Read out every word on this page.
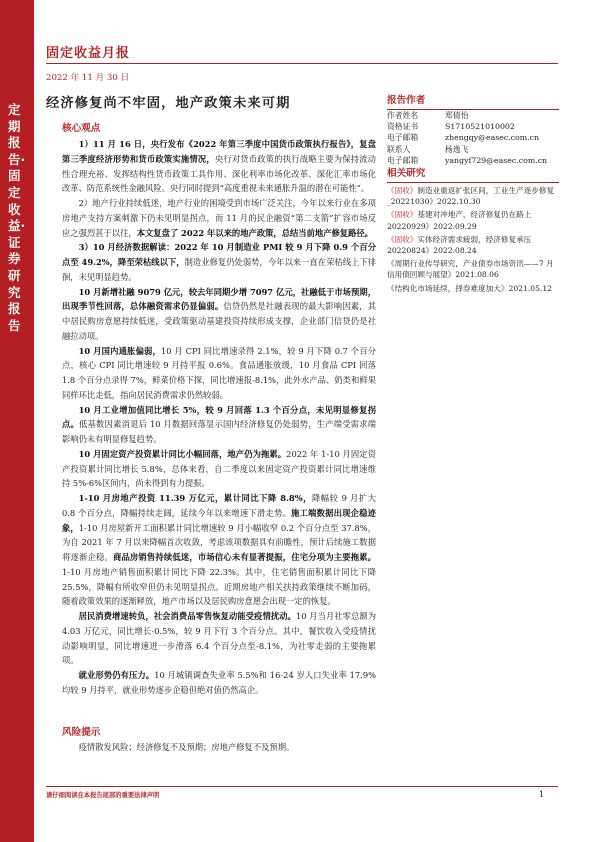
定期报告·固定收益·证券研究报告
固定收益月报
2022 年 11 月 30 日
经济修复尚不牢固，地产政策未来可期
核心观点

1）11 月 16 日，央行发布《2022 年第三季度中国货币政策执行报告》，复盘第三季度经济形势和货币政策实施情况，央行对货币政策的执行战略主要为保持流动性合理充裕、发挥结构性货币政策工具作用、深化利率市场化改革、深化汇率市场化改革、防范系统性金融风险。央行同时提到“高度重视未来通胀升温的潜在可能性”。

2）地产行业持续低迷，地产行业的困境受到市场广泛关注，今年以来行业在多项房地产支持方案刺激下仍未见明显拐点，而 11 月的民企融资“第二支箭”扩容市场反应之强烈甚于以往，本文复盘了 2022 年以来的地产政策，总结当前地产修复路径。

3）10 月经济数据解读：2022 年 10 月制造业 PMI 较 9 月下降 0.9 个百分点至 49.2%，降至荣枯线以下，制造业修复仍处弱势，今年以来一直在荣枯线上下徘徊，未见明显趋势。

10 月新增社融 9079 亿元，较去年同期少增 7097 亿元，社融低于市场预期，出现季节性回落，总体融资需求仍显偏弱。信贷仍然是社融表现的最大影响因素，其中居民购房意愿持续低迷，受政策驱动基建投资持续形成支撑，企业部门信贷仍是社融拉动项。

10 月国内通胀偏弱，10 月 CPI 同比增速录得 2.1%，较 9 月下降 0.7 个百分点，核心 CPI 同比增速较 9 月持平报 0.6%。食品通胀放缓，10 月食品 CPI 回落 1.8 个百分点录得 7%，鲜菜价格下探，同比增速报-8.1%，此外水产品、奶类和鲜果同样环比走低，指向居民消费需求仍然较弱。

10 月工业增加值同比增长 5%，较 9 月回落 1.3 个百分点，未见明显修复拐点。低基数因素消退后 10 月数据回落显示国内经济修复仍处弱势，生产端受需求端影响仍未有明显修复趋势。

10 月固定资产投资累计同比小幅回落，地产仍为拖累。2022 年 1-10 月固定资产投资累计同比增长 5.8%，总体来看，自二季度以来固定资产投资累计同比增速维持 5%-6%区间内，尚未得到有力提振。

1-10 月房地产投资 11.39 万亿元，累计同比下降 8.8%，降幅较 9 月扩大 0.8 个百分点，降幅持续走阔，延续今年以来增速下滑走势。施工端数据出现企稳迹象，1-10 月房屋新开工面积累计同比增速较 9 月小幅收窄 0.2 个百分点至 37.8%，为自 2021 年 7 月以来降幅首次收敛，考虑该项数据具有前瞻性，预计后续施工数据将逐渐企稳。商品房销售持续低迷，市场信心未有显著提振，住宅分项为主要拖累。1-10 月房地产销售面积累计同比下降 22.3%。其中，住宅销售面积累计同比下降 25.5%，降幅有所收窄但仍未见明显拐点。近期房地产相关扶持政策继续不断加码，随着政策效果的逐渐释放，地产市场以及居民购房意愿会出现一定的恢复。

居民消费增速转负，社会消费品零售恢复动能受疫情扰动。10 月当月社零总额为 4.03 万亿元，同比增长-0.5%，较 9 月下行 3 个百分点。其中，餐饮收入受疫情扰动影响明显，同比增速进一步滑落 6.4 个百分点至-8.1%，为社零走弱的主要拖累项。

就业形势仍有压力。10 月城镇调查失业率 5.5%和 16-24 岁人口失业率 17.9%均较 9 月持平，就业形势逐步企稳但绝对值仍然高企。

风险提示
疫情散发风险；经济修复不及预期；房地产修复不及预期。
报告作者
作者姓名	郑倩怡
资格证书	S1710521010002
电子邮箱	zhengqy@easec.com.cn
联系人	杨逸飞
电子邮箱	yangyf729@easec.com.cn
相关研究
《固收》制造业重返扩张区间，工业生产逐步修复_20221030》2022.10.30
《固收》基建对冲地产，经济修复仍在路上 20220929》2022.09.29
《固收》实体经济需求疲弱，经济修复承压 20220824》2022.08.24
《周期行业传导研究，产业债券市场资讯——7 月信用债回顾与展望》2021.08.06
《结构化市场延续，择券难度加大》2021.05.12
请仔细阅读在本报告尾部的重要法律声明	1
